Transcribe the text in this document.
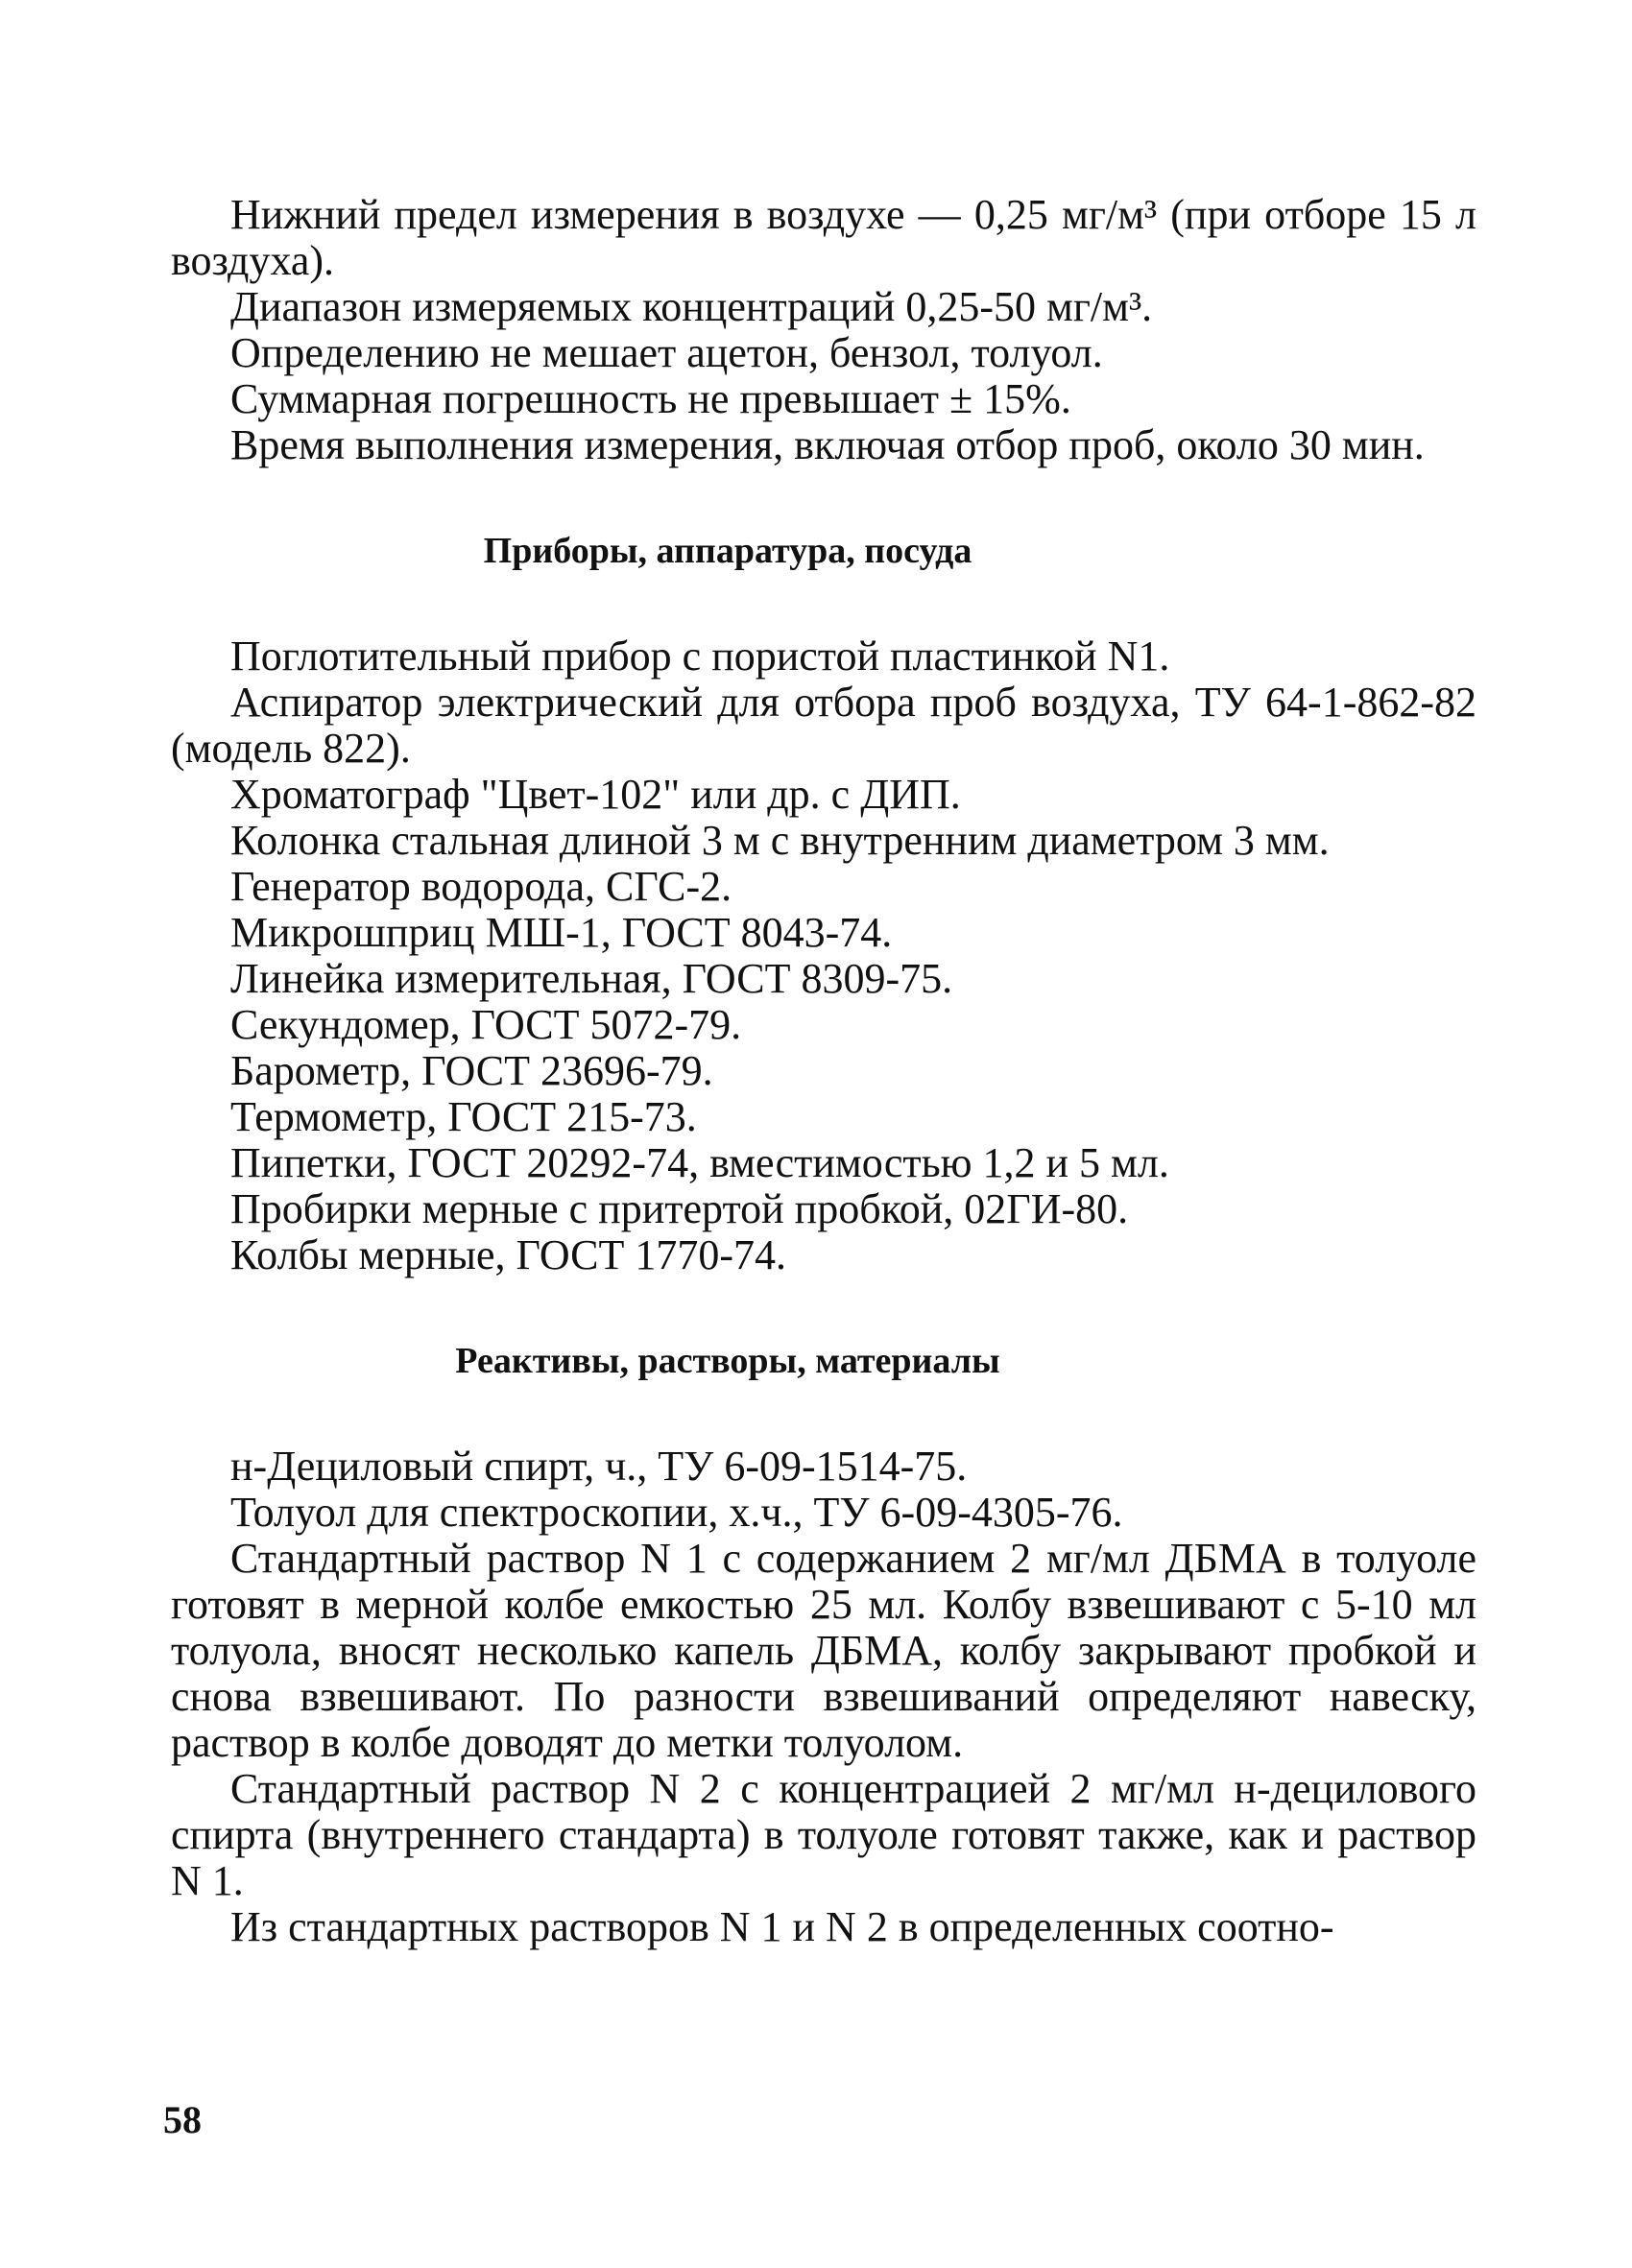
Нижний предел измерения в воздухе — 0,25 мг/м³ (при отборе 15 л воздуха).

Диапазон измеряемых концентраций 0,25-50 мг/м³.

Определению не мешает ацетон, бензол, толуол.

Суммарная погрешность не превышает ± 15%.

Время выполнения измерения, включая отбор проб, около 30 мин.

Приборы, аппаратура, посуда

Поглотительный прибор с пористой пластинкой N1.

Аспиратор электрический для отбора проб воздуха, ТУ 64-1-862-82 (модель 822).

Хроматограф "Цвет-102" или др. с ДИП.

Колонка стальная длиной 3 м с внутренним диаметром 3 мм.

Генератор водорода, СГС-2.

Микрошприц МШ-1, ГОСТ 8043-74.

Линейка измерительная, ГОСТ 8309-75.

Секундомер, ГОСТ 5072-79.

Барометр, ГОСТ 23696-79.

Термометр, ГОСТ 215-73.

Пипетки, ГОСТ 20292-74, вместимостью 1,2 и 5 мл.

Пробирки мерные с притертой пробкой, 02ГИ-80.

Колбы мерные, ГОСТ 1770-74.

Реактивы, растворы, материалы

н-Дециловый спирт, ч., ТУ 6-09-1514-75.

Толуол для спектроскопии, х.ч., ТУ 6-09-4305-76.

Стандартный раствор N 1 с содержанием 2 мг/мл ДБМА в толуоле готовят в мерной колбе емкостью 25 мл. Колбу взвешивают с 5-10 мл толуола, вносят несколько капель ДБМА, колбу закрывают пробкой и снова взвешивают. По разности взвешиваний определяют навеску, раствор в колбе доводят до метки толуолом.

Стандартный раствор N 2 с концентрацией 2 мг/мл н-децилового спирта (внутреннего стандарта) в толуоле готовят также, как и раствор N 1.

Из стандартных растворов N 1 и N 2 в определенных соотно-

58
